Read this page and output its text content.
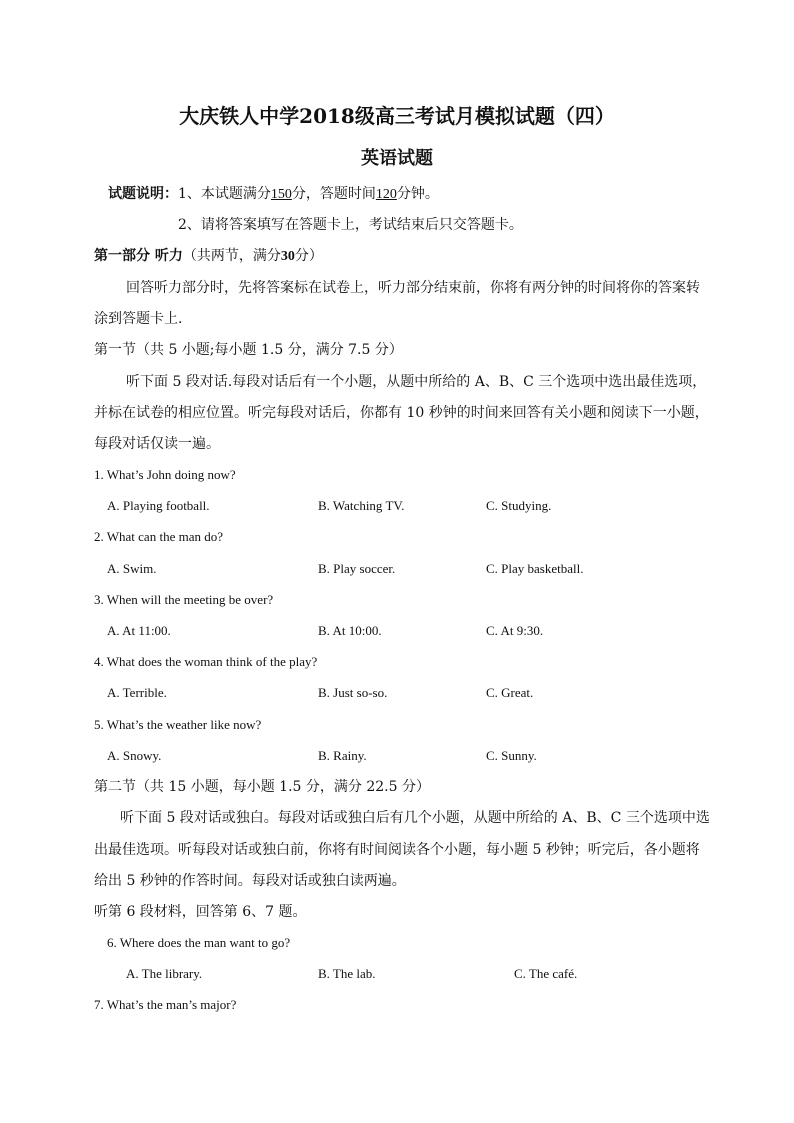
大庆铁人中学2018级高三考试月模拟试题（四）
英语试题
试题说明：1、本试题满分150分，答题时间120分钟。
2、请将答案填写在答题卡上，考试结束后只交答题卡。
第一部分 听力（共两节，满分30分）
回答听力部分时，先将答案标在试卷上，听力部分结束前，你将有两分钟的时间将你的答案转
涂到答题卡上.
第一节（共 5 小题;每小题 1.5 分，满分 7.5 分）
听下面 5 段对话.每段对话后有一个小题，从题中所给的 A、B、C 三个选项中选出最佳选项，
并标在试卷的相应位置。听完每段对话后，你都有 10 秒钟的时间来回答有关小题和阅读下一小题，
每段对话仅读一遍。
1. What’s John doing now?
A. Playing football.	B. Watching TV.	C. Studying.
2. What can the man do?
A. Swim.	B. Play soccer.	C. Play basketball.
3. When will the meeting be over?
A. At 11:00.	B. At 10:00.	C. At 9:30.
4. What does the woman think of the play?
A. Terrible.	B. Just so-so.	C. Great.
5. What’s the weather like now?
A. Snowy.	B. Rainy.	C. Sunny.
第二节（共 15 小题，每小题 1.5 分，满分 22.5 分）
听下面 5 段对话或独白。每段对话或独白后有几个小题，从题中所给的 A、B、C 三个选项中选
出最佳选项。听每段对话或独白前，你将有时间阅读各个小题，每小题 5 秒钟；听完后，各小题将
给出 5 秒钟的作答时间。每段对话或独白读两遍。
听第 6 段材料，回答第 6、7 题。
6. Where does the man want to go?
A. The library.	B. The lab.	C. The café.
7. What’s the man’s major?
